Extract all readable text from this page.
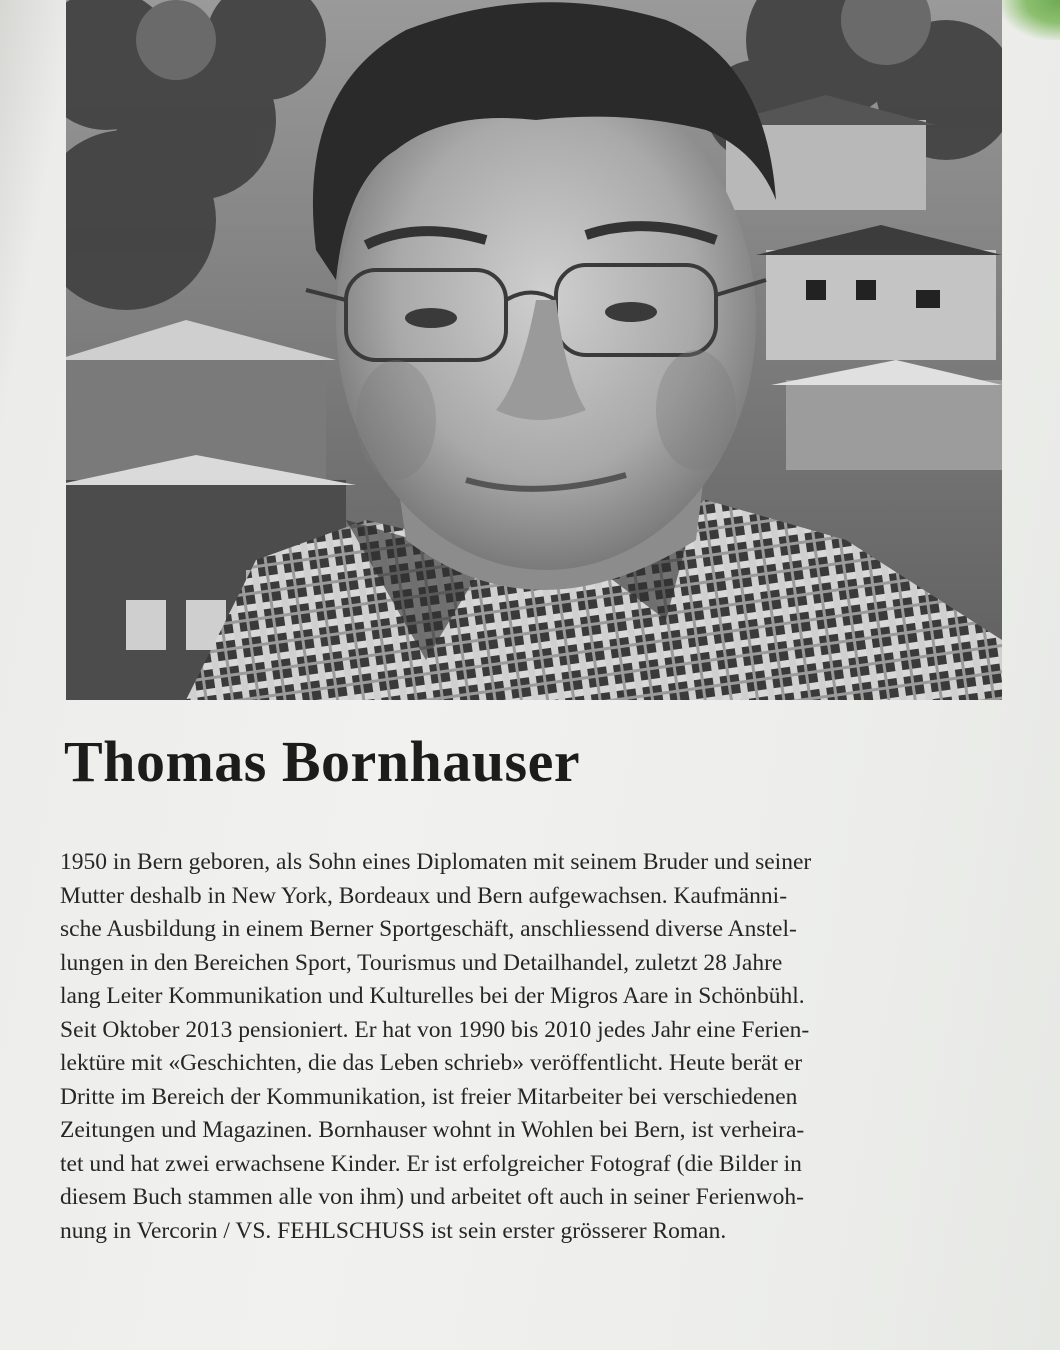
Thomas Bornhauser
1950 in Bern geboren, als Sohn eines Diplomaten mit seinem Bruder und seiner
Mutter deshalb in New York, Bordeaux und Bern aufgewachsen. Kaufmänni-
sche Ausbildung in einem Berner Sportgeschäft, anschliessend diverse Anstel-
lungen in den Bereichen Sport, Tourismus und Detailhandel, zuletzt 28 Jahre
lang Leiter Kommunikation und Kulturelles bei der Migros Aare in Schönbühl.
Seit Oktober 2013 pensioniert. Er hat von 1990 bis 2010 jedes Jahr eine Ferien-
lektüre mit «Geschichten, die das Leben schrieb» veröffentlicht. Heute berät er
Dritte im Bereich der Kommunikation, ist freier Mitarbeiter bei verschiedenen
Zeitungen und Magazinen. Bornhauser wohnt in Wohlen bei Bern, ist verheira-
tet und hat zwei erwachsene Kinder. Er ist erfolgreicher Fotograf (die Bilder in
diesem Buch stammen alle von ihm) und arbeitet oft auch in seiner Ferienwoh-
nung in Vercorin / VS. FEHLSCHUSS ist sein erster grösserer Roman.
